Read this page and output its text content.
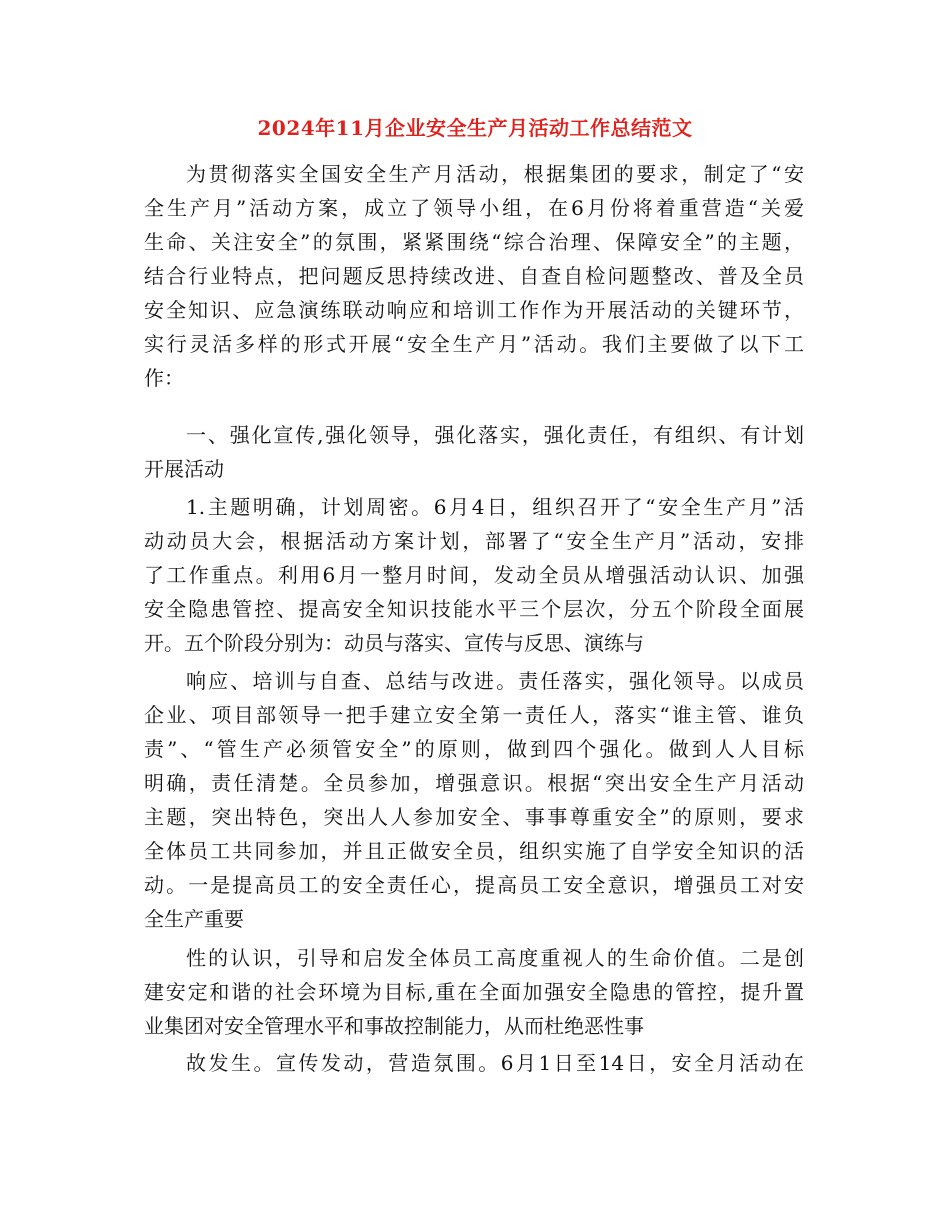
2024年11月企业安全生产月活动工作总结范文
为贯彻落实全国安全生产月活动，根据集团的要求，制定了“安
全生产月”活动方案，成立了领导小组，在6月份将着重营造“关爱
生命、关注安全”的氛围，紧紧围绕“综合治理、保障安全”的主题，
结合行业特点，把问题反思持续改进、自查自检问题整改、普及全员
安全知识、应急演练联动响应和培训工作作为开展活动的关键环节，
实行灵活多样的形式开展“安全生产月”活动。我们主要做了以下工
作：
一、强化宣传,强化领导，强化落实，强化责任，有组织、有计划
开展活动
1.主题明确，计划周密。6月4日，组织召开了“安全生产月”活
动动员大会，根据活动方案计划，部署了“安全生产月”活动，安排
了工作重点。利用6月一整月时间，发动全员从增强活动认识、加强
安全隐患管控、提高安全知识技能水平三个层次，分五个阶段全面展
开。五个阶段分别为：动员与落实、宣传与反思、演练与
响应、培训与自查、总结与改进。责任落实，强化领导。以成员
企业、项目部领导一把手建立安全第一责任人，落实“谁主管、谁负
责”、“管生产必须管安全”的原则，做到四个强化。做到人人目标
明确，责任清楚。全员参加，增强意识。根据“突出安全生产月活动
主题，突出特色，突出人人参加安全、事事尊重安全”的原则，要求
全体员工共同参加，并且正做安全员，组织实施了自学安全知识的活
动。一是提高员工的安全责任心，提高员工安全意识，增强员工对安
全生产重要
性的认识，引导和启发全体员工高度重视人的生命价值。二是创
建安定和谐的社会环境为目标,重在全面加强安全隐患的管控，提升置
业集团对安全管理水平和事故控制能力，从而杜绝恶性事
故发生。宣传发动，营造氛围。6月1日至14日，安全月活动在
